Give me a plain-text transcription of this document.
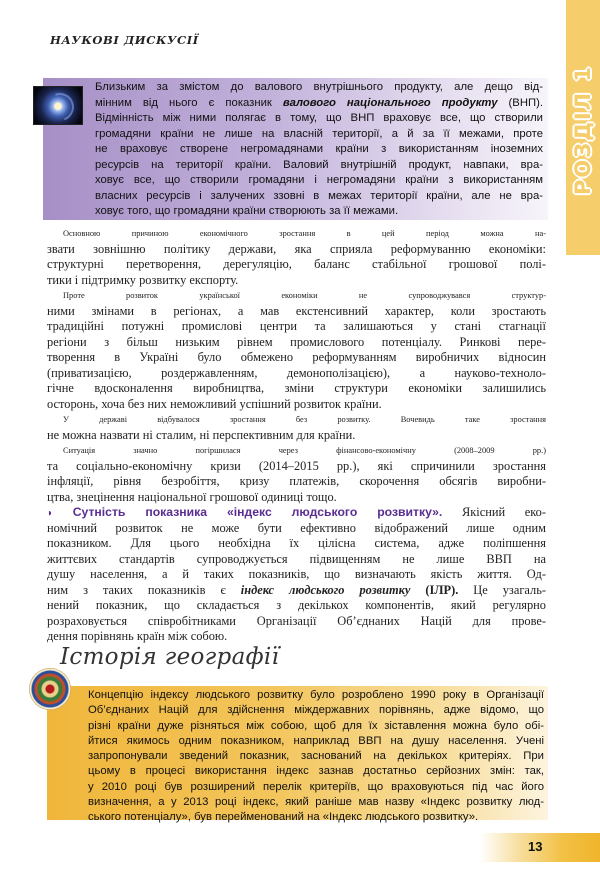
РОЗДІЛ 1
НАУКОВІ ДИСКУСІЇ
Близьким за змістом до валового внутрішнього продукту, але дещо від-
мінним від нього є показник валового національного продукту (ВНП).
Відмінність між ними полягає в тому, що ВНП враховує все, що створили
громадяни країни не лише на власній території, а й за її межами, проте
не враховує створене негромадянами країни з використанням іноземних
ресурсів на території країни. Валовий внутрішній продукт, навпаки, вра-
ховує все, що створили громадяни і негромадяни країни з використанням
власних ресурсів і залучених ззовні в межах території країни, але не вра-
ховує того, що громадяни країни створюють за її межами.
Основною причиною економічного зростання в цей період можна на-
звати зовнішню політику держави, яка сприяла реформуванню економіки:
структурні перетворення, дерегуляцію, баланс стабільної грошової полі-
тики і підтримку розвитку експорту.
Проте розвиток української економіки не супроводжувався структур-
ними змінами в регіонах, а мав екстенсивний характер, коли зростають
традиційні потужні промислові центри та залишаються у стані стагнації
регіони з більш низьким рівнем промислового потенціалу. Ринкові пере-
творення в Україні було обмежено реформуванням виробничих відносин
(приватизацією, роздержавленням, демонополізацією), а науково-техноло-
гічне вдосконалення виробництва, зміни структури економіки залишились
осторонь, хоча без них неможливий успішний розвиток країни.
У державі відбувалося зростання без розвитку. Вочевидь таке зростання
не можна назвати ні сталим, ні перспективним для країни.
Ситуація значно погіршилася через фінансово-економічну (2008–2009 рр.)
та соціально-економічну кризи (2014–2015 рр.), які спричинили зростання
інфляції, рівня безробіття, кризу платежів, скорочення обсягів виробни-
цтва, знецінення національної грошової одиниці тощо.
◗ Сутність показника «індекс людського розвитку». Якісний еко-
номічний розвиток не може бути ефективно відображений лише одним
показником. Для цього необхідна їх цілісна система, адже поліпшення
життєвих стандартів супроводжується підвищенням не лише ВВП на
душу населення, а й таких показників, що визначають якість життя. Од-
ним з таких показників є індекс людського розвитку (ІЛР). Це узагаль-
нений показник, що складається з декількох компонентів, який регулярно
розраховується співробітниками Організації Об’єднаних Націй для прове-
дення порівнянь країн між собою.
Історія географії
Концепцію індексу людського розвитку було розроблено 1990 року в Організації
Об’єднаних Націй для здійснення міждержавних порівнянь, адже відомо, що
різні країни дуже різняться між собою, щоб для їх зіставлення можна було обі-
йтися якимось одним показником, наприклад ВВП на душу населення. Учені
запропонували зведений показник, заснований на декількох критеріях. При
цьому в процесі використання індекс зазнав достатньо серйозних змін: так,
у 2010 році був розширений перелік критеріїв, що враховуються під час його
визначення, а у 2013 році індекс, який раніше мав назву «Індекс розвитку люд-
ського потенціалу», був перейменований на «Індекс людського розвитку».
13
